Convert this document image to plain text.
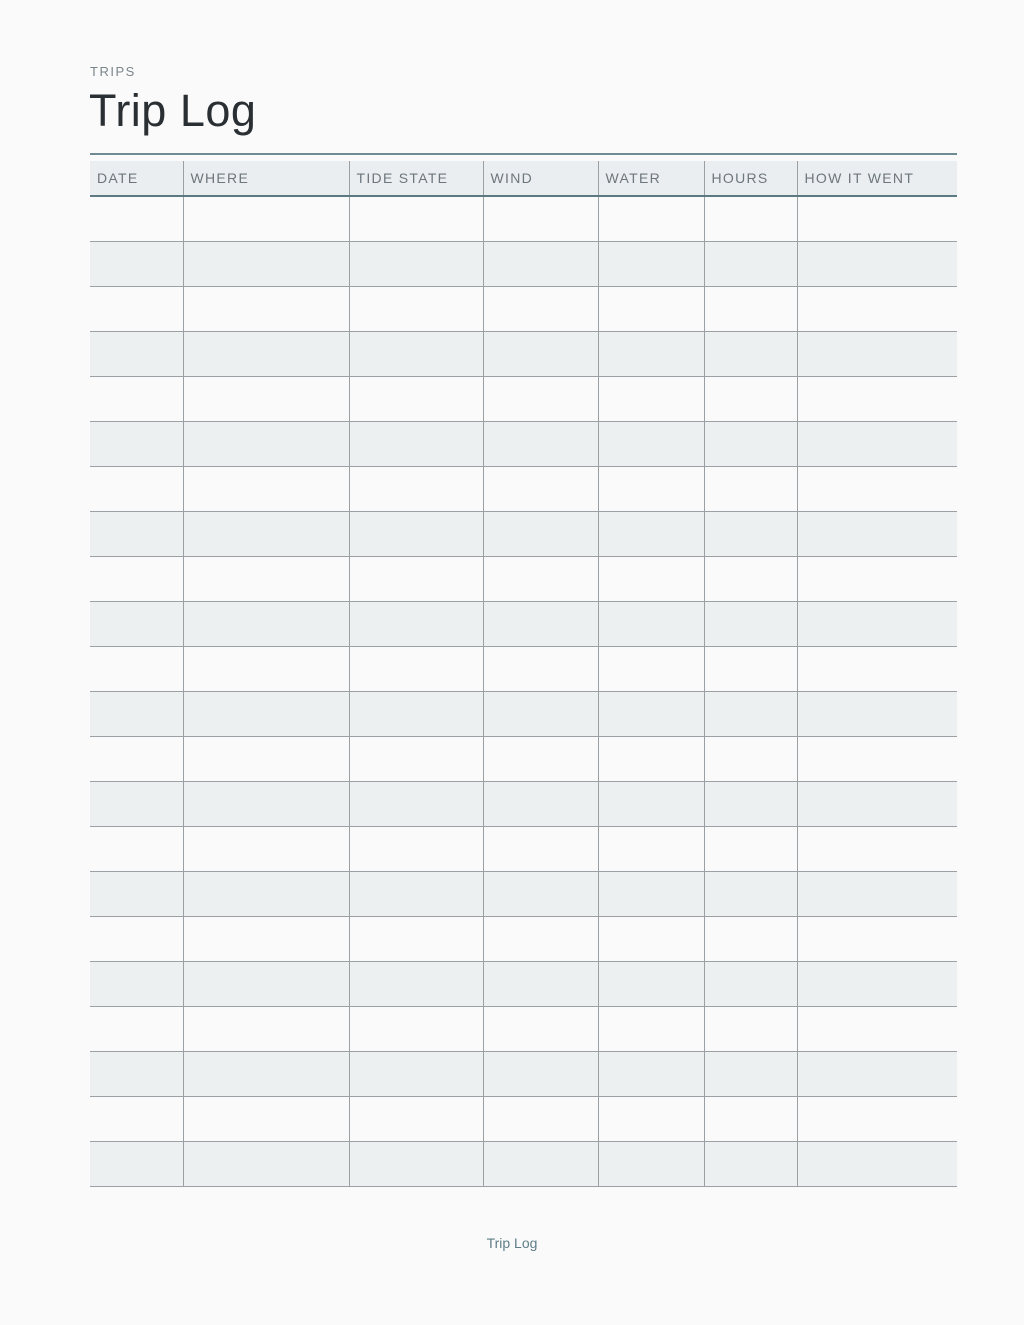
TRIPS
Trip Log
DATE	WHERE	TIDE STATE	WIND	WATER	HOURS	HOW IT WENT

Trip Log
